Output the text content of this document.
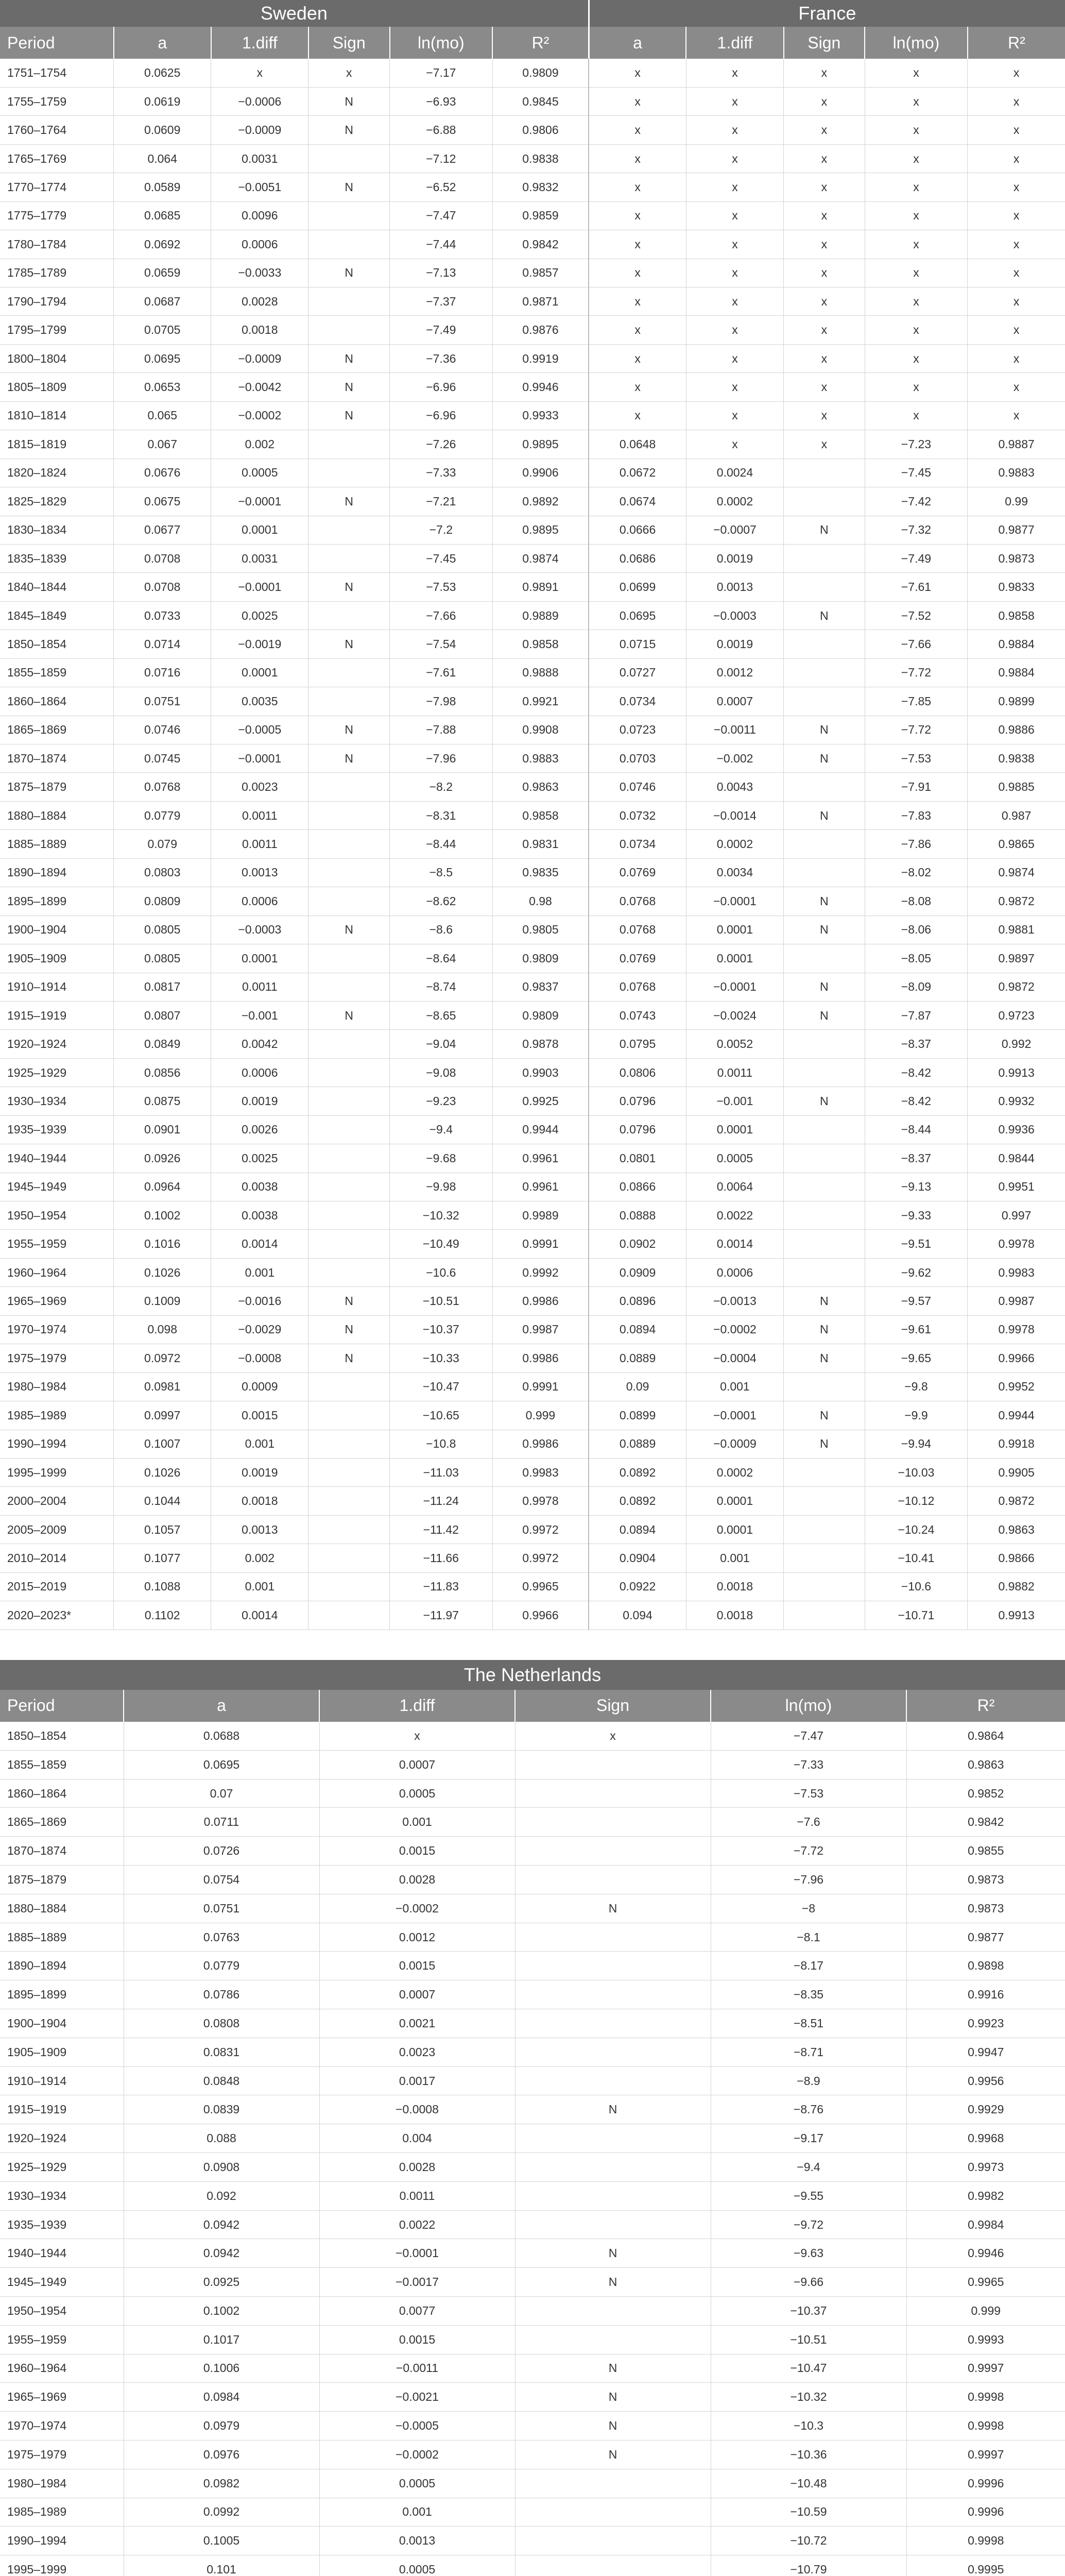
Sweden						France				
Period	a	1.diff	Sign	ln(mo)	R²	a	1.diff	Sign	ln(mo)	R²
1751–1754	0.0625	x	x	−7.17	0.9809	x	x	x	x	x
1755–1759	0.0619	−0.0006	N	−6.93	0.9845	x	x	x	x	x
1760–1764	0.0609	−0.0009	N	−6.88	0.9806	x	x	x	x	x
1765–1769	0.064	0.0031		−7.12	0.9838	x	x	x	x	x
1770–1774	0.0589	−0.0051	N	−6.52	0.9832	x	x	x	x	x
1775–1779	0.0685	0.0096		−7.47	0.9859	x	x	x	x	x
1780–1784	0.0692	0.0006		−7.44	0.9842	x	x	x	x	x
1785–1789	0.0659	−0.0033	N	−7.13	0.9857	x	x	x	x	x
1790–1794	0.0687	0.0028		−7.37	0.9871	x	x	x	x	x
1795–1799	0.0705	0.0018		−7.49	0.9876	x	x	x	x	x
1800–1804	0.0695	−0.0009	N	−7.36	0.9919	x	x	x	x	x
1805–1809	0.0653	−0.0042	N	−6.96	0.9946	x	x	x	x	x
1810–1814	0.065	−0.0002	N	−6.96	0.9933	x	x	x	x	x
1815–1819	0.067	0.002		−7.26	0.9895	0.0648	x	x	−7.23	0.9887
1820–1824	0.0676	0.0005		−7.33	0.9906	0.0672	0.0024		−7.45	0.9883
1825–1829	0.0675	−0.0001	N	−7.21	0.9892	0.0674	0.0002		−7.42	0.99
1830–1834	0.0677	0.0001		−7.2	0.9895	0.0666	−0.0007	N	−7.32	0.9877
1835–1839	0.0708	0.0031		−7.45	0.9874	0.0686	0.0019		−7.49	0.9873
1840–1844	0.0708	−0.0001	N	−7.53	0.9891	0.0699	0.0013		−7.61	0.9833
1845–1849	0.0733	0.0025		−7.66	0.9889	0.0695	−0.0003	N	−7.52	0.9858
1850–1854	0.0714	−0.0019	N	−7.54	0.9858	0.0715	0.0019		−7.66	0.9884
1855–1859	0.0716	0.0001		−7.61	0.9888	0.0727	0.0012		−7.72	0.9884
1860–1864	0.0751	0.0035		−7.98	0.9921	0.0734	0.0007		−7.85	0.9899
1865–1869	0.0746	−0.0005	N	−7.88	0.9908	0.0723	−0.0011	N	−7.72	0.9886
1870–1874	0.0745	−0.0001	N	−7.96	0.9883	0.0703	−0.002	N	−7.53	0.9838
1875–1879	0.0768	0.0023		−8.2	0.9863	0.0746	0.0043		−7.91	0.9885
1880–1884	0.0779	0.0011		−8.31	0.9858	0.0732	−0.0014	N	−7.83	0.987
1885–1889	0.079	0.0011		−8.44	0.9831	0.0734	0.0002		−7.86	0.9865
1890–1894	0.0803	0.0013		−8.5	0.9835	0.0769	0.0034		−8.02	0.9874
1895–1899	0.0809	0.0006		−8.62	0.98	0.0768	−0.0001	N	−8.08	0.9872
1900–1904	0.0805	−0.0003	N	−8.6	0.9805	0.0768	0.0001	N	−8.06	0.9881
1905–1909	0.0805	0.0001		−8.64	0.9809	0.0769	0.0001		−8.05	0.9897
1910–1914	0.0817	0.0011		−8.74	0.9837	0.0768	−0.0001	N	−8.09	0.9872
1915–1919	0.0807	−0.001	N	−8.65	0.9809	0.0743	−0.0024	N	−7.87	0.9723
1920–1924	0.0849	0.0042		−9.04	0.9878	0.0795	0.0052		−8.37	0.992
1925–1929	0.0856	0.0006		−9.08	0.9903	0.0806	0.0011		−8.42	0.9913
1930–1934	0.0875	0.0019		−9.23	0.9925	0.0796	−0.001	N	−8.42	0.9932
1935–1939	0.0901	0.0026		−9.4	0.9944	0.0796	0.0001		−8.44	0.9936
1940–1944	0.0926	0.0025		−9.68	0.9961	0.0801	0.0005		−8.37	0.9844
1945–1949	0.0964	0.0038		−9.98	0.9961	0.0866	0.0064		−9.13	0.9951
1950–1954	0.1002	0.0038		−10.32	0.9989	0.0888	0.0022		−9.33	0.997
1955–1959	0.1016	0.0014		−10.49	0.9991	0.0902	0.0014		−9.51	0.9978
1960–1964	0.1026	0.001		−10.6	0.9992	0.0909	0.0006		−9.62	0.9983
1965–1969	0.1009	−0.0016	N	−10.51	0.9986	0.0896	−0.0013	N	−9.57	0.9987
1970–1974	0.098	−0.0029	N	−10.37	0.9987	0.0894	−0.0002	N	−9.61	0.9978
1975–1979	0.0972	−0.0008	N	−10.33	0.9986	0.0889	−0.0004	N	−9.65	0.9966
1980–1984	0.0981	0.0009		−10.47	0.9991	0.09	0.001		−9.8	0.9952
1985–1989	0.0997	0.0015		−10.65	0.999	0.0899	−0.0001	N	−9.9	0.9944
1990–1994	0.1007	0.001		−10.8	0.9986	0.0889	−0.0009	N	−9.94	0.9918
1995–1999	0.1026	0.0019		−11.03	0.9983	0.0892	0.0002		−10.03	0.9905
2000–2004	0.1044	0.0018		−11.24	0.9978	0.0892	0.0001		−10.12	0.9872
2005–2009	0.1057	0.0013		−11.42	0.9972	0.0894	0.0001		−10.24	0.9863
2010–2014	0.1077	0.002		−11.66	0.9972	0.0904	0.001		−10.41	0.9866
2015–2019	0.1088	0.001		−11.83	0.9965	0.0922	0.0018		−10.6	0.9882
2020–2023*	0.1102	0.0014		−11.97	0.9966	0.094	0.0018		−10.71	0.9913
The Netherlands					
Period	a	1.diff	Sign	ln(mo)	R²
1850–1854	0.0688	x	x	−7.47	0.9864
1855–1859	0.0695	0.0007		−7.33	0.9863
1860–1864	0.07	0.0005		−7.53	0.9852
1865–1869	0.0711	0.001		−7.6	0.9842
1870–1874	0.0726	0.0015		−7.72	0.9855
1875–1879	0.0754	0.0028		−7.96	0.9873
1880–1884	0.0751	−0.0002	N	−8	0.9873
1885–1889	0.0763	0.0012		−8.1	0.9877
1890–1894	0.0779	0.0015		−8.17	0.9898
1895–1899	0.0786	0.0007		−8.35	0.9916
1900–1904	0.0808	0.0021		−8.51	0.9923
1905–1909	0.0831	0.0023		−8.71	0.9947
1910–1914	0.0848	0.0017		−8.9	0.9956
1915–1919	0.0839	−0.0008	N	−8.76	0.9929
1920–1924	0.088	0.004		−9.17	0.9968
1925–1929	0.0908	0.0028		−9.4	0.9973
1930–1934	0.092	0.0011		−9.55	0.9982
1935–1939	0.0942	0.0022		−9.72	0.9984
1940–1944	0.0942	−0.0001	N	−9.63	0.9946
1945–1949	0.0925	−0.0017	N	−9.66	0.9965
1950–1954	0.1002	0.0077		−10.37	0.999
1955–1959	0.1017	0.0015		−10.51	0.9993
1960–1964	0.1006	−0.0011	N	−10.47	0.9997
1965–1969	0.0984	−0.0021	N	−10.32	0.9998
1970–1974	0.0979	−0.0005	N	−10.3	0.9998
1975–1979	0.0976	−0.0002	N	−10.36	0.9997
1980–1984	0.0982	0.0005		−10.48	0.9996
1985–1989	0.0992	0.001		−10.59	0.9996
1990–1994	0.1005	0.0013		−10.72	0.9998
1995–1999	0.101	0.0005		−10.79	0.9995
